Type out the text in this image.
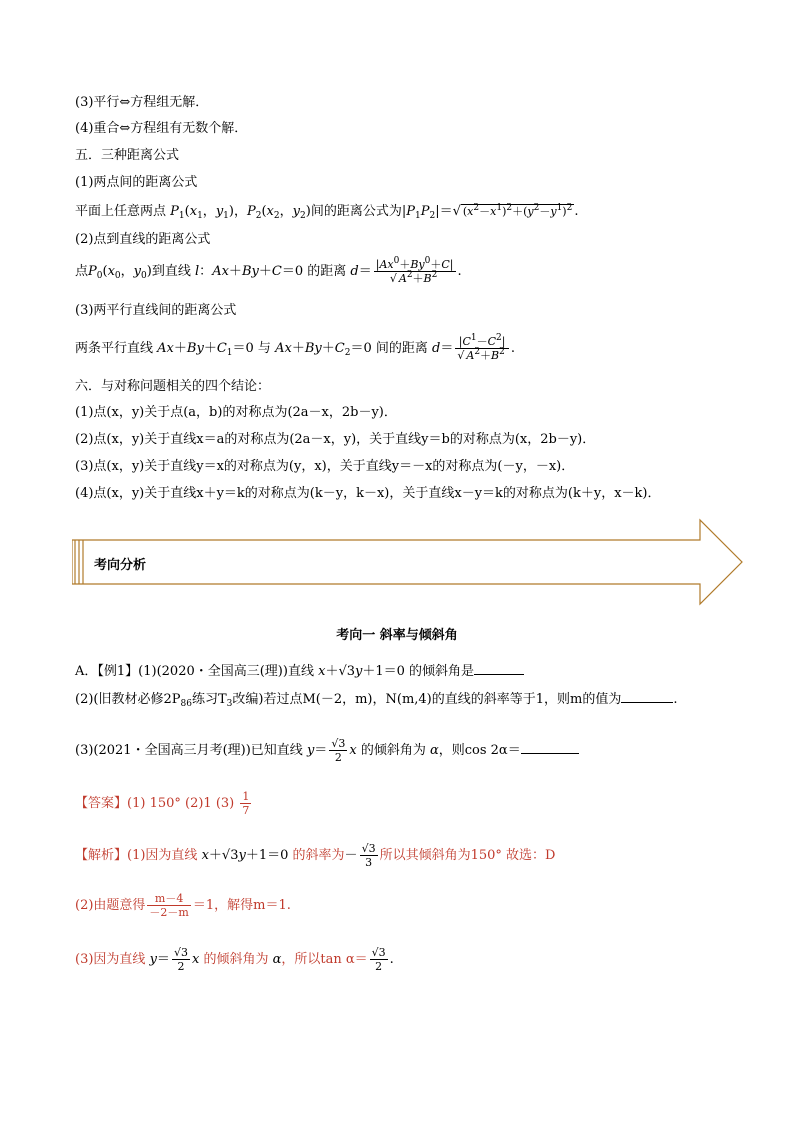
(3)平行⇔方程组无解．
(4)重合⇔方程组有无数个解．
五．三种距离公式
(1)两点间的距离公式
平面上任意两点 $P_1(x_1$，$y_1$)，$P_2(x_2$，$y_2$)间的距离公式为$|P_1P_2|=√$ $(x^2-x^1)^2+(y^2-y^1)^2$ .
(2)点到直线的距离公式
点$P_0(x_0$，$y_0$)到直线 l：Ax＋By＋C＝0 的距离 $d= \frac{|Ax^0+By^0+C|}{√ A^2+B^2}$ .
(3)两平行直线间的距离公式
两条平行直线 $Ax+By+C_1=0$ 与 $Ax+By+C_2=0$ 间的距离 $d= \frac{|C^1-C^2|}{√ A^2+B^2}$ .
六．与对称问题相关的四个结论：
(1)点(x，y)关于点(a，b)的对称点为(2a－x，2b－y)．
(2)点(x，y)关于直线x＝a的对称点为(2a－x，y)，关于直线y＝b的对称点为(x，2b－y)．
(3)点(x，y)关于直线y＝x的对称点为(y，x)，关于直线y＝－x的对称点为(－y，－x)．
(4)点(x，y)关于直线x＋y＝k的对称点为(k－y，k－x)，关于直线x－y＝k的对称点为(k＋y，x－k)．
考向分析
考向一 斜率与倾斜角
A．【例1】(1)(2020・全国高三(理))直线 x＋√3y＋1＝0 的倾斜角是
(2)(旧教材必修$2P_{86}$练习$T_3$改编)若过点M(－2，m)，N(m,4)的直线的斜率等于1，则m的值为	.
(3)(2021・全国高三月考(理))已知直线 $y= \frac{√3}{2}$ x 的倾斜角为 α，则cos 2α＝
【答案】(1) 150° (2)1 $(3) \frac{1}{7}$
【解析】(1)因为直线 x＋√3y＋1＝0 的斜率为－ $\frac{√3}{3}$ 所以其倾斜角为150° 故选：D
(2)由题意得 $\frac{m-4}{-2-m} =1$，解得m＝1.
(3)因为直线 $y= \frac{√3}{2}$ x 的倾斜角为 α，所以$\tan \alpha= \frac{√3}{2}$ .
